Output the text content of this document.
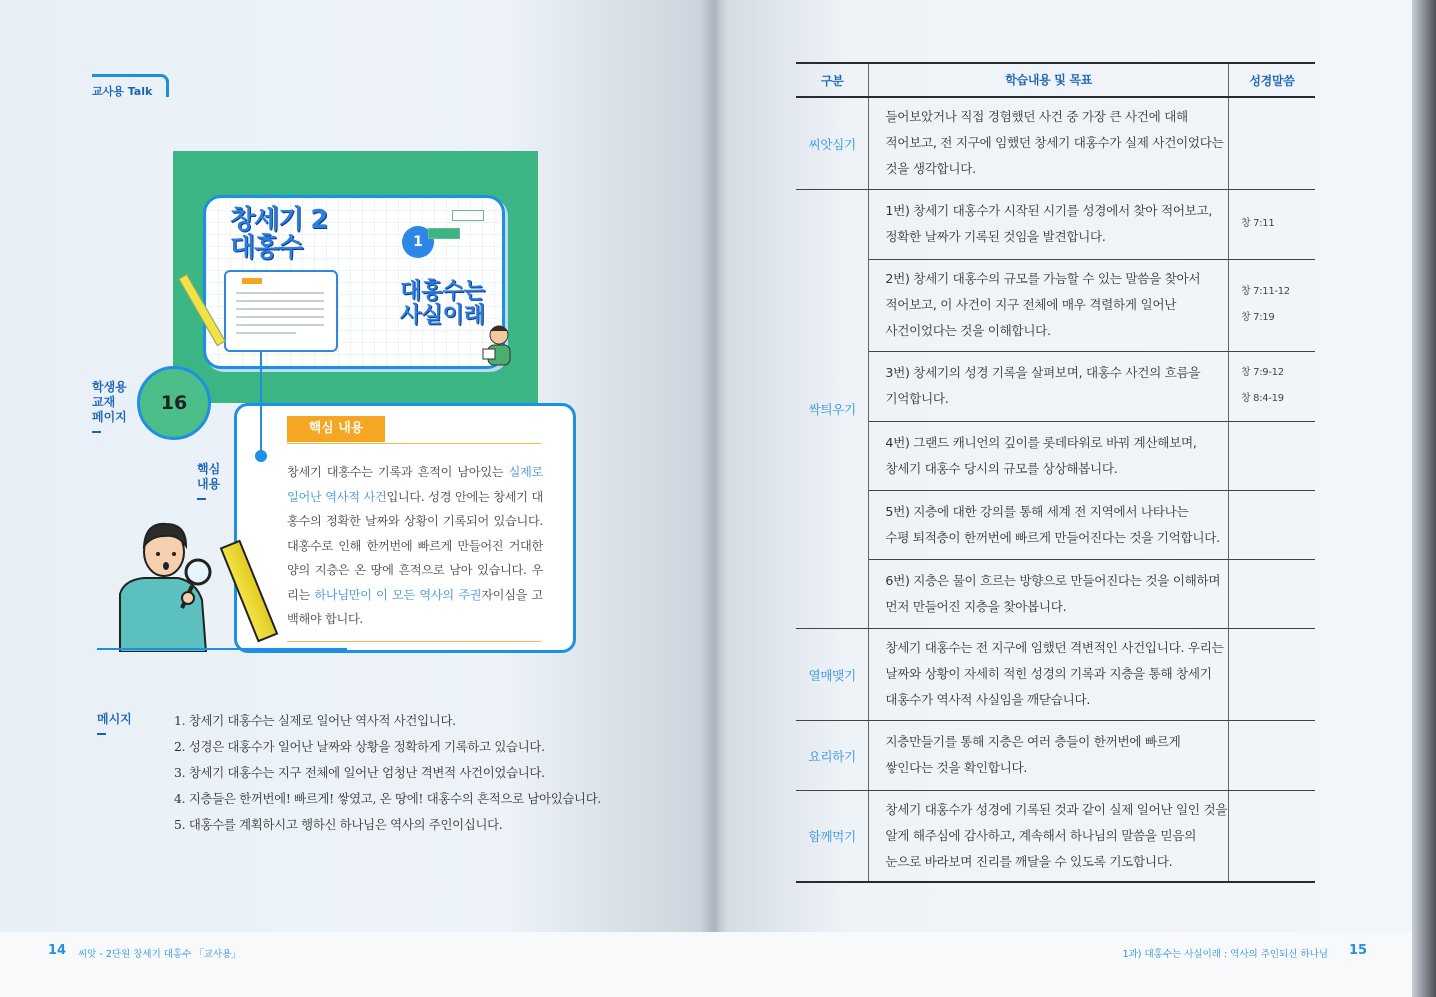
교사용 Talk
창세기 2
대홍수	1
대홍수는
사실이래
학생용
교재
페이지
16
핵심
내용
핵심 내용
창세기 대홍수는 기록과 흔적이 남아있는 실제로 일어난 역사적 사건입니다. 성경 안에는 창세기 대홍수의 정확한 날짜와 상황이 기록되어 있습니다. 대홍수로 인해 한꺼번에 빠르게 만들어진 거대한 양의 지층은 온 땅에 흔적으로 남아 있습니다. 우리는 하나님만이 이 모든 역사의 주권자이심을 고백해야 합니다.
메시지	1. 창세기 대홍수는 실제로 일어난 역사적 사건입니다.
2. 성경은 대홍수가 일어난 날짜와 상황을 정확하게 기록하고 있습니다.
3. 창세기 대홍수는 지구 전체에 일어난 엄청난 격변적 사건이었습니다.
4. 지층들은 한꺼번에! 빠르게! 쌓였고, 온 땅에! 대홍수의 흔적으로 남아있습니다.
5. 대홍수를 계획하시고 행하신 하나님은 역사의 주인이십니다.
14 씨앗 - 2단원 창세기 대홍수 「교사용」	1과) 대홍수는 사실이래 : 역사의 주인되신 하나님 15
구분	학습내용 및 목표	성경말씀
씨앗심기	들어보았거나 직접 경험했던 사건 중 가장 큰 사건에 대해
적어보고, 전 지구에 임했던 창세기 대홍수가 실제 사건이었다는
것을 생각합니다.	

싹틔우기	1번) 창세기 대홍수가 시작된 시기를 성경에서 찾아 적어보고,
정확한 날짜가 기록된 것임을 발견합니다.	창 7:11

	2번) 창세기 대홍수의 규모를 가늠할 수 있는 말씀을 찾아서
적어보고, 이 사건이 지구 전체에 매우 격렬하게 일어난
사건이었다는 것을 이해합니다.	창 7:11-12
창 7:19

	3번) 창세기의 성경 기록을 살펴보며, 대홍수 사건의 흐름을
기억합니다.	창 7:9-12
창 8:4-19

	4번) 그랜드 캐니언의 깊이를 롯데타워로 바꿔 계산해보며,
창세기 대홍수 당시의 규모를 상상해봅니다.	

	5번) 지층에 대한 강의를 통해 세계 전 지역에서 나타나는
수평 퇴적층이 한꺼번에 빠르게 만들어진다는 것을 기억합니다.	

	6번) 지층은 물이 흐르는 방향으로 만들어진다는 것을 이해하며
먼저 만들어진 지층을 찾아봅니다.	

열매맺기	창세기 대홍수는 전 지구에 임했던 격변적인 사건입니다. 우리는
날짜와 상황이 자세히 적힌 성경의 기록과 지층을 통해 창세기
대홍수가 역사적 사실임을 깨닫습니다.	

요리하기	지층만들기를 통해 지층은 여러 층들이 한꺼번에 빠르게
쌓인다는 것을 확인합니다.	

함께먹기	창세기 대홍수가 성경에 기록된 것과 같이 실제 일어난 일인 것을
알게 해주심에 감사하고, 계속해서 하나님의 말씀을 믿음의
눈으로 바라보며 진리를 깨달을 수 있도록 기도합니다.	
